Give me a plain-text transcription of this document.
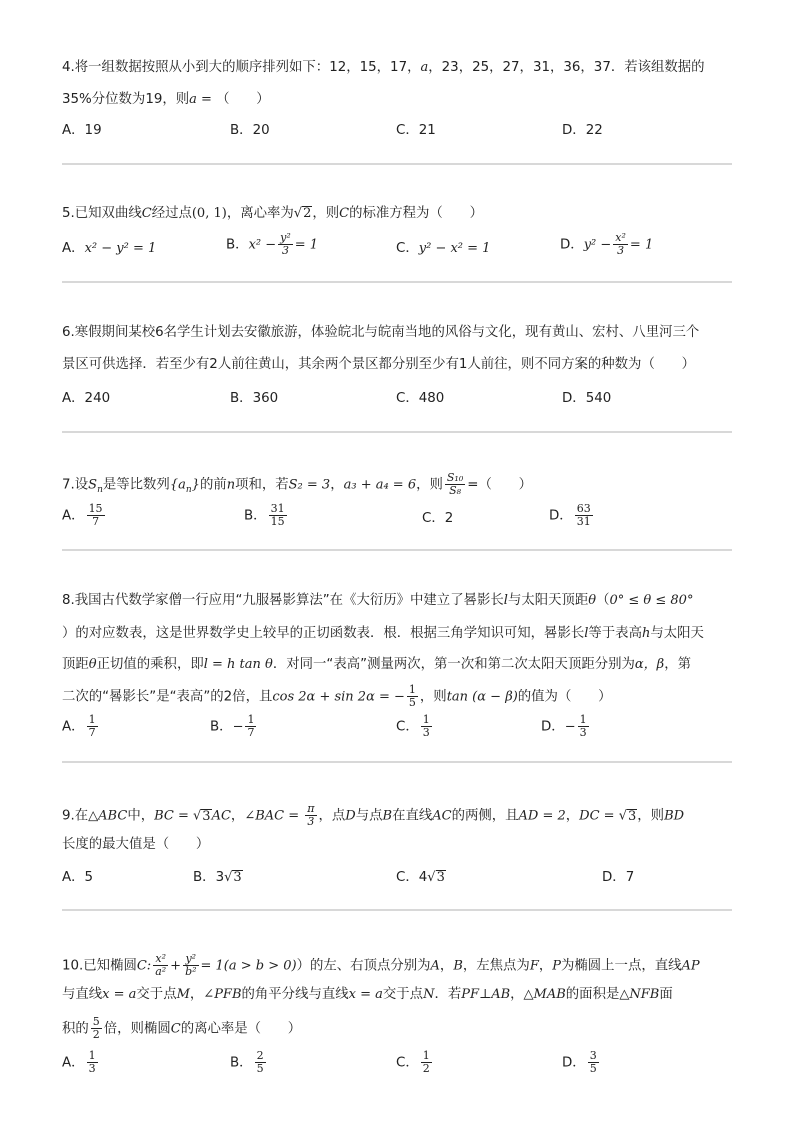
4.将一组数据按照从小到大的顺序排列如下：12，15，17，a，23，25，27，31，36，37．若该组数据的
35%分位数为19，则a = （　　）
A．19	B．20	C．21	D．22
5.已知双曲线C经过点(0, 1)，离心率为√2，则C的标准方程为（　　）
A．x² − y² = 1	B．$x^2 - \frac{\text{y²}}{3} = 1$	C．y² − x² = 1	D．$y^2 - \frac{\text{x²}}{3} = 1$
6.寒假期间某校6名学生计划去安徽旅游，体验皖北与皖南当地的风俗与文化，现有黄山、宏村、八里河三个
景区可供选择．若至少有2人前往黄山，其余两个景区都分别至少有1人前往，则不同方案的种数为（　　）
A．240	B．360	C．480	D．540
7.设$S_n$是等比数列$\{a_n\}$的前n项和，若S₂ = 3，a₃ + a₄ = 6，则 $\frac{\text{S₁₀}}{\text{S₈}}$ =（　　）
A． $\frac{15}{7}$	B． $\frac{31}{15}$	C．2	D． $\frac{63}{31}$
8.我国古代数学家僧一行应用“九服晷影算法”在《大衍历》中建立了晷影长l与太阳天顶距θ（0° ≤ θ ≤ 80°
）的对应数表，这是世界数学史上较早的正切函数表．根．根据三角学知识可知，晷影长l等于表高h与太阳天
顶距θ正切值的乘积，即l = h tan θ．对同一“表高”测量两次，第一次和第二次太阳天顶距分别为α，β，第
二次的“晷影长”是“表高”的2倍，且cos 2α + sin 2α = − $\frac{1}{5}$ ，则tan (α − β)的值为（　　）
A． $\frac{1}{7}$	B．− $\frac{1}{7}$	C． $\frac{1}{3}$	D．− $\frac{1}{3}$
9.在△ABC中，BC = √3AC，∠BAC = $\frac{\pi}{3}$ ，点D与点B在直线AC的两侧，且AD = 2，DC = √3，则BD
长度的最大值是（　　）
A．5	B．3√3	C．4√3	D．7
10.已知椭圆C: $\frac{\text{x²}}{\text{a²}} + \frac{\text{y²}}{\text{b²}} = 1(a > b > 0)$）的左、右顶点分别为A，B，左焦点为F，P为椭圆上一点，直线AP
与直线x = a交于点M，∠PFB的角平分线与直线x = a交于点N．若PF⊥AB，△MAB的面积是△NFB面
积的 $\frac{5}{2}$ 倍，则椭圆C的离心率是（　　）
A． $\frac{1}{3}$	B． $\frac{2}{5}$	C． $\frac{1}{2}$	D． $\frac{3}{5}$
